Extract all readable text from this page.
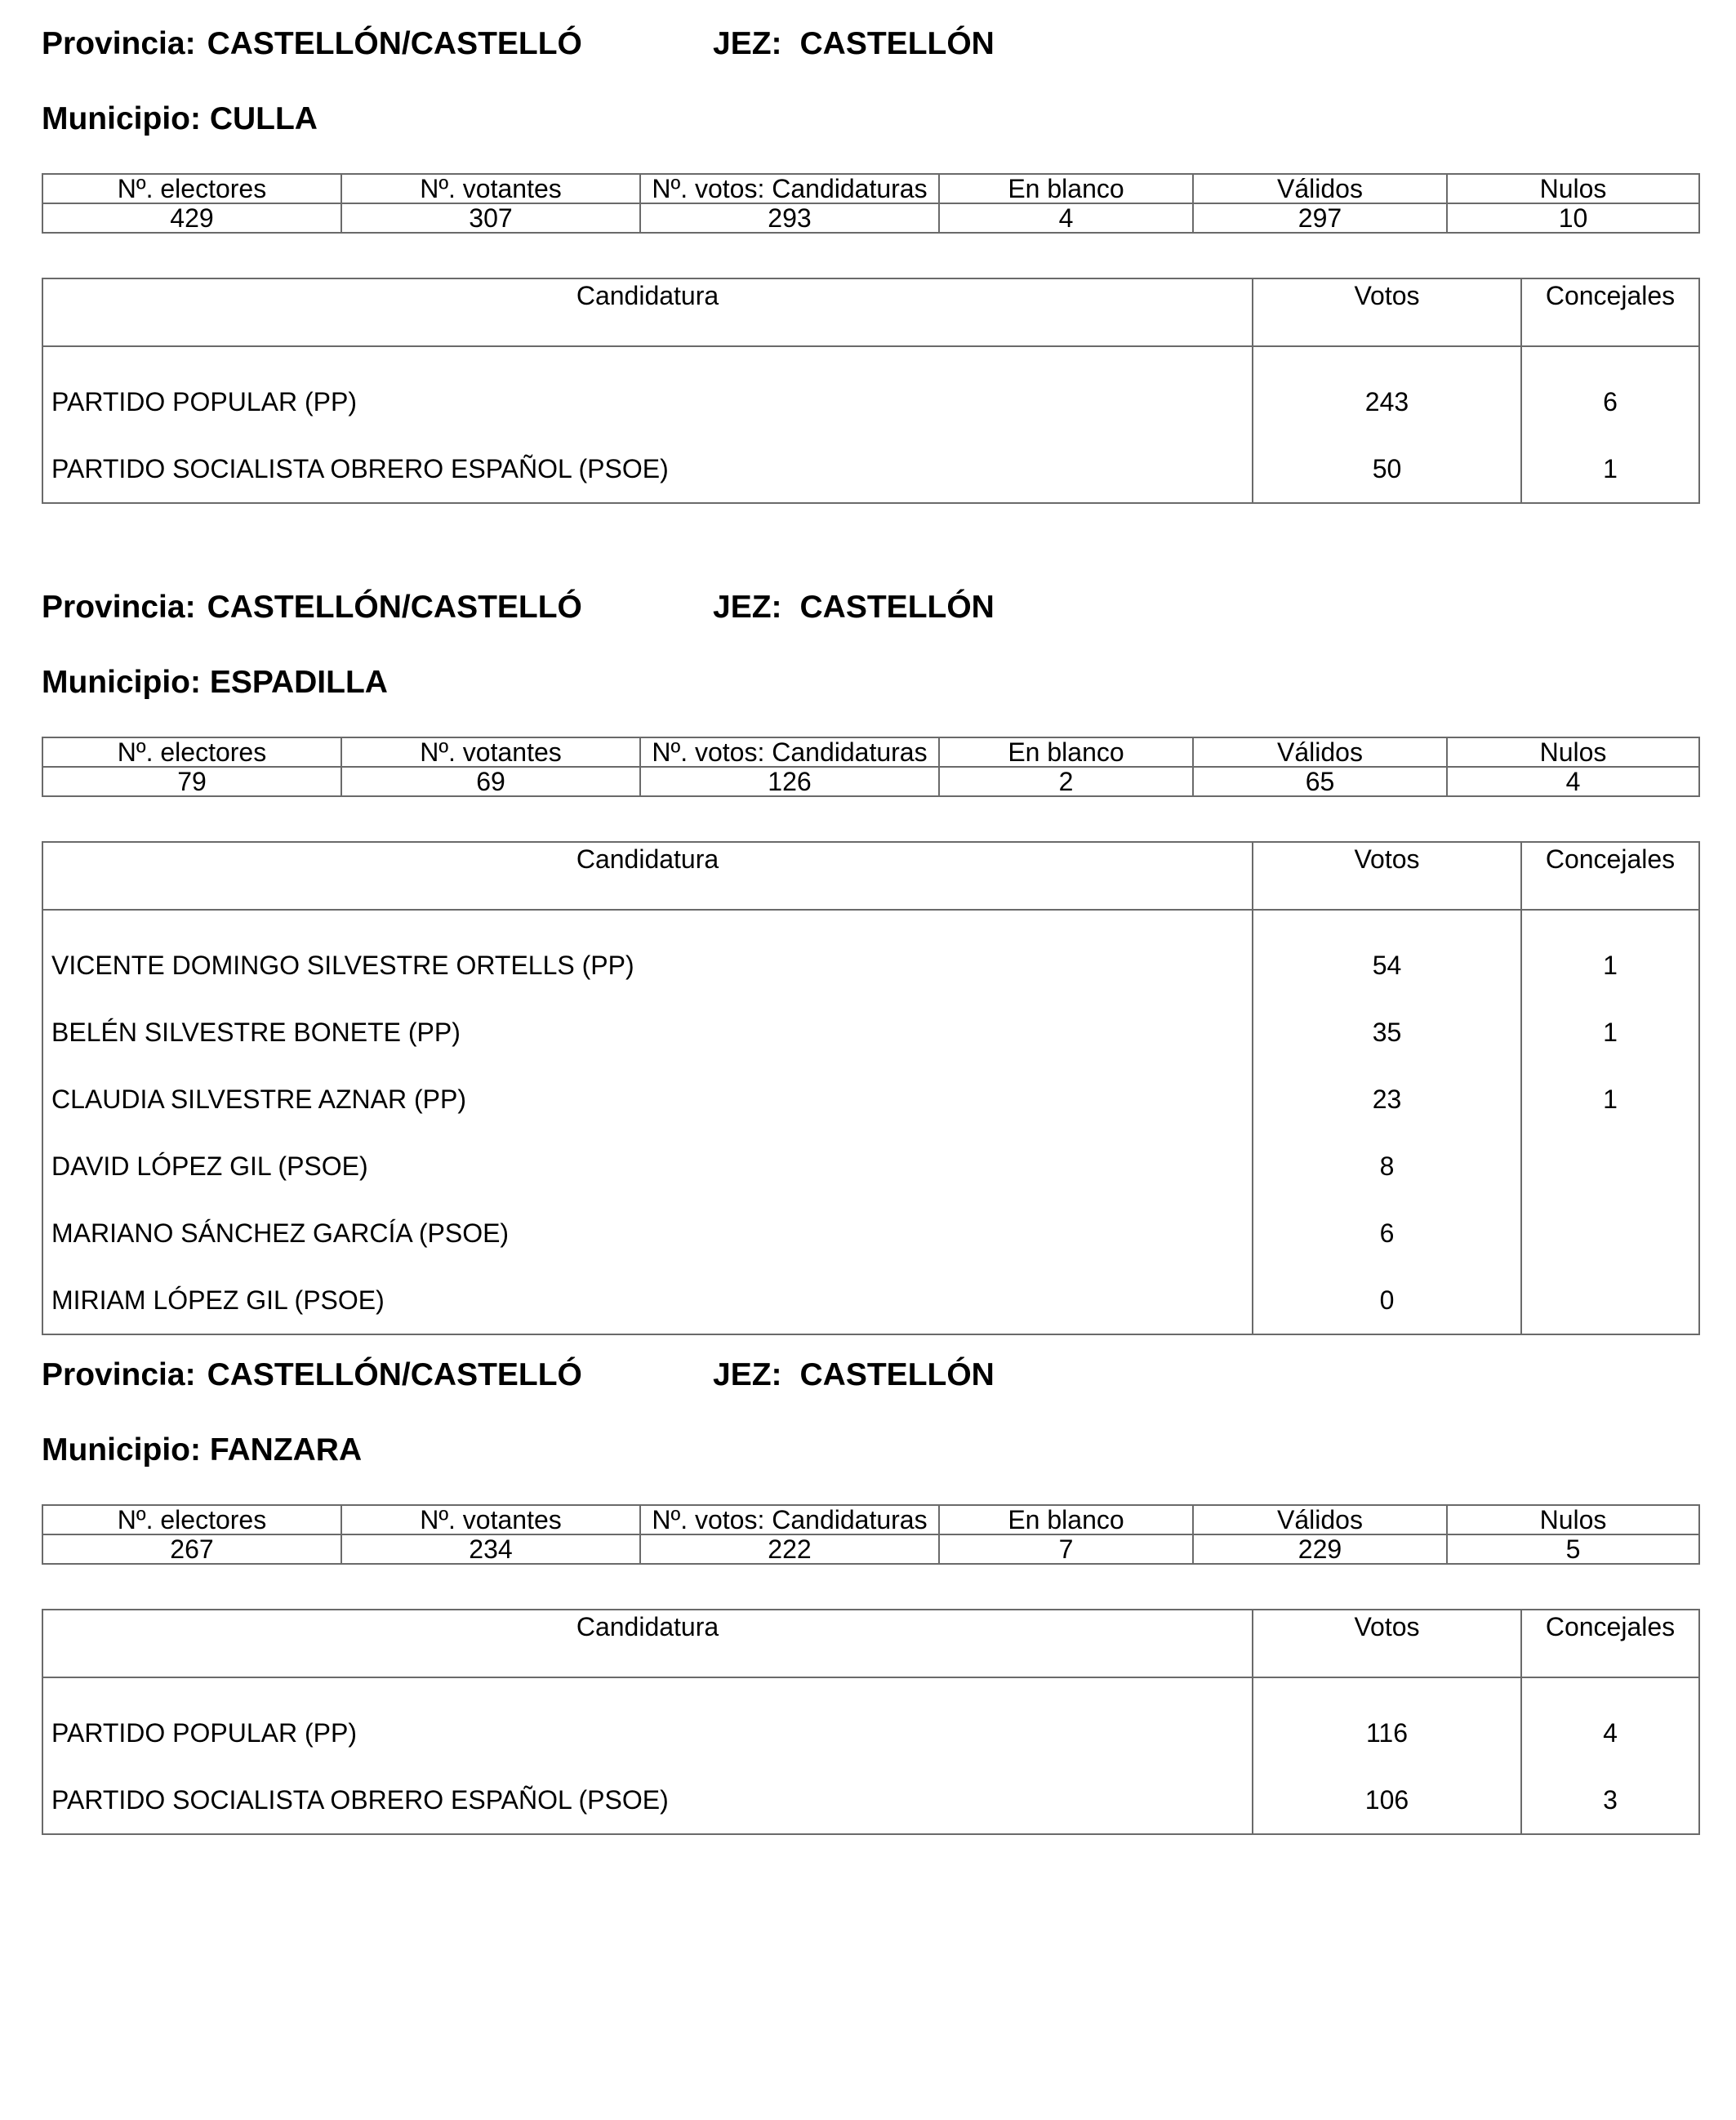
Provincia: CASTELLÓN/CASTELLÓ	JEZ: CASTELLÓN
Municipio: CULLA
Nº. electores	Nº. votantes	Nº. votos: Candidaturas	En blanco	Válidos	Nulos
429	307	293	4	297	10
Candidatura	Votos	Concejales
PARTIDO POPULAR (PP)	243	6
PARTIDO SOCIALISTA OBRERO ESPAÑOL (PSOE)	50	1
Provincia: CASTELLÓN/CASTELLÓ	JEZ: CASTELLÓN
Municipio: ESPADILLA
Nº. electores	Nº. votantes	Nº. votos: Candidaturas	En blanco	Válidos	Nulos
79	69	126	2	65	4
Candidatura	Votos	Concejales
VICENTE DOMINGO SILVESTRE ORTELLS (PP)	54	1
BELÉN SILVESTRE BONETE (PP)	35	1
CLAUDIA SILVESTRE AZNAR (PP)	23	1
DAVID LÓPEZ GIL (PSOE)	8	
MARIANO SÁNCHEZ GARCÍA (PSOE)	6	
MIRIAM LÓPEZ GIL (PSOE)	0	
Provincia: CASTELLÓN/CASTELLÓ	JEZ: CASTELLÓN
Municipio: FANZARA
Nº. electores	Nº. votantes	Nº. votos: Candidaturas	En blanco	Válidos	Nulos
267	234	222	7	229	5
Candidatura	Votos	Concejales
PARTIDO POPULAR (PP)	116	4
PARTIDO SOCIALISTA OBRERO ESPAÑOL (PSOE)	106	3
